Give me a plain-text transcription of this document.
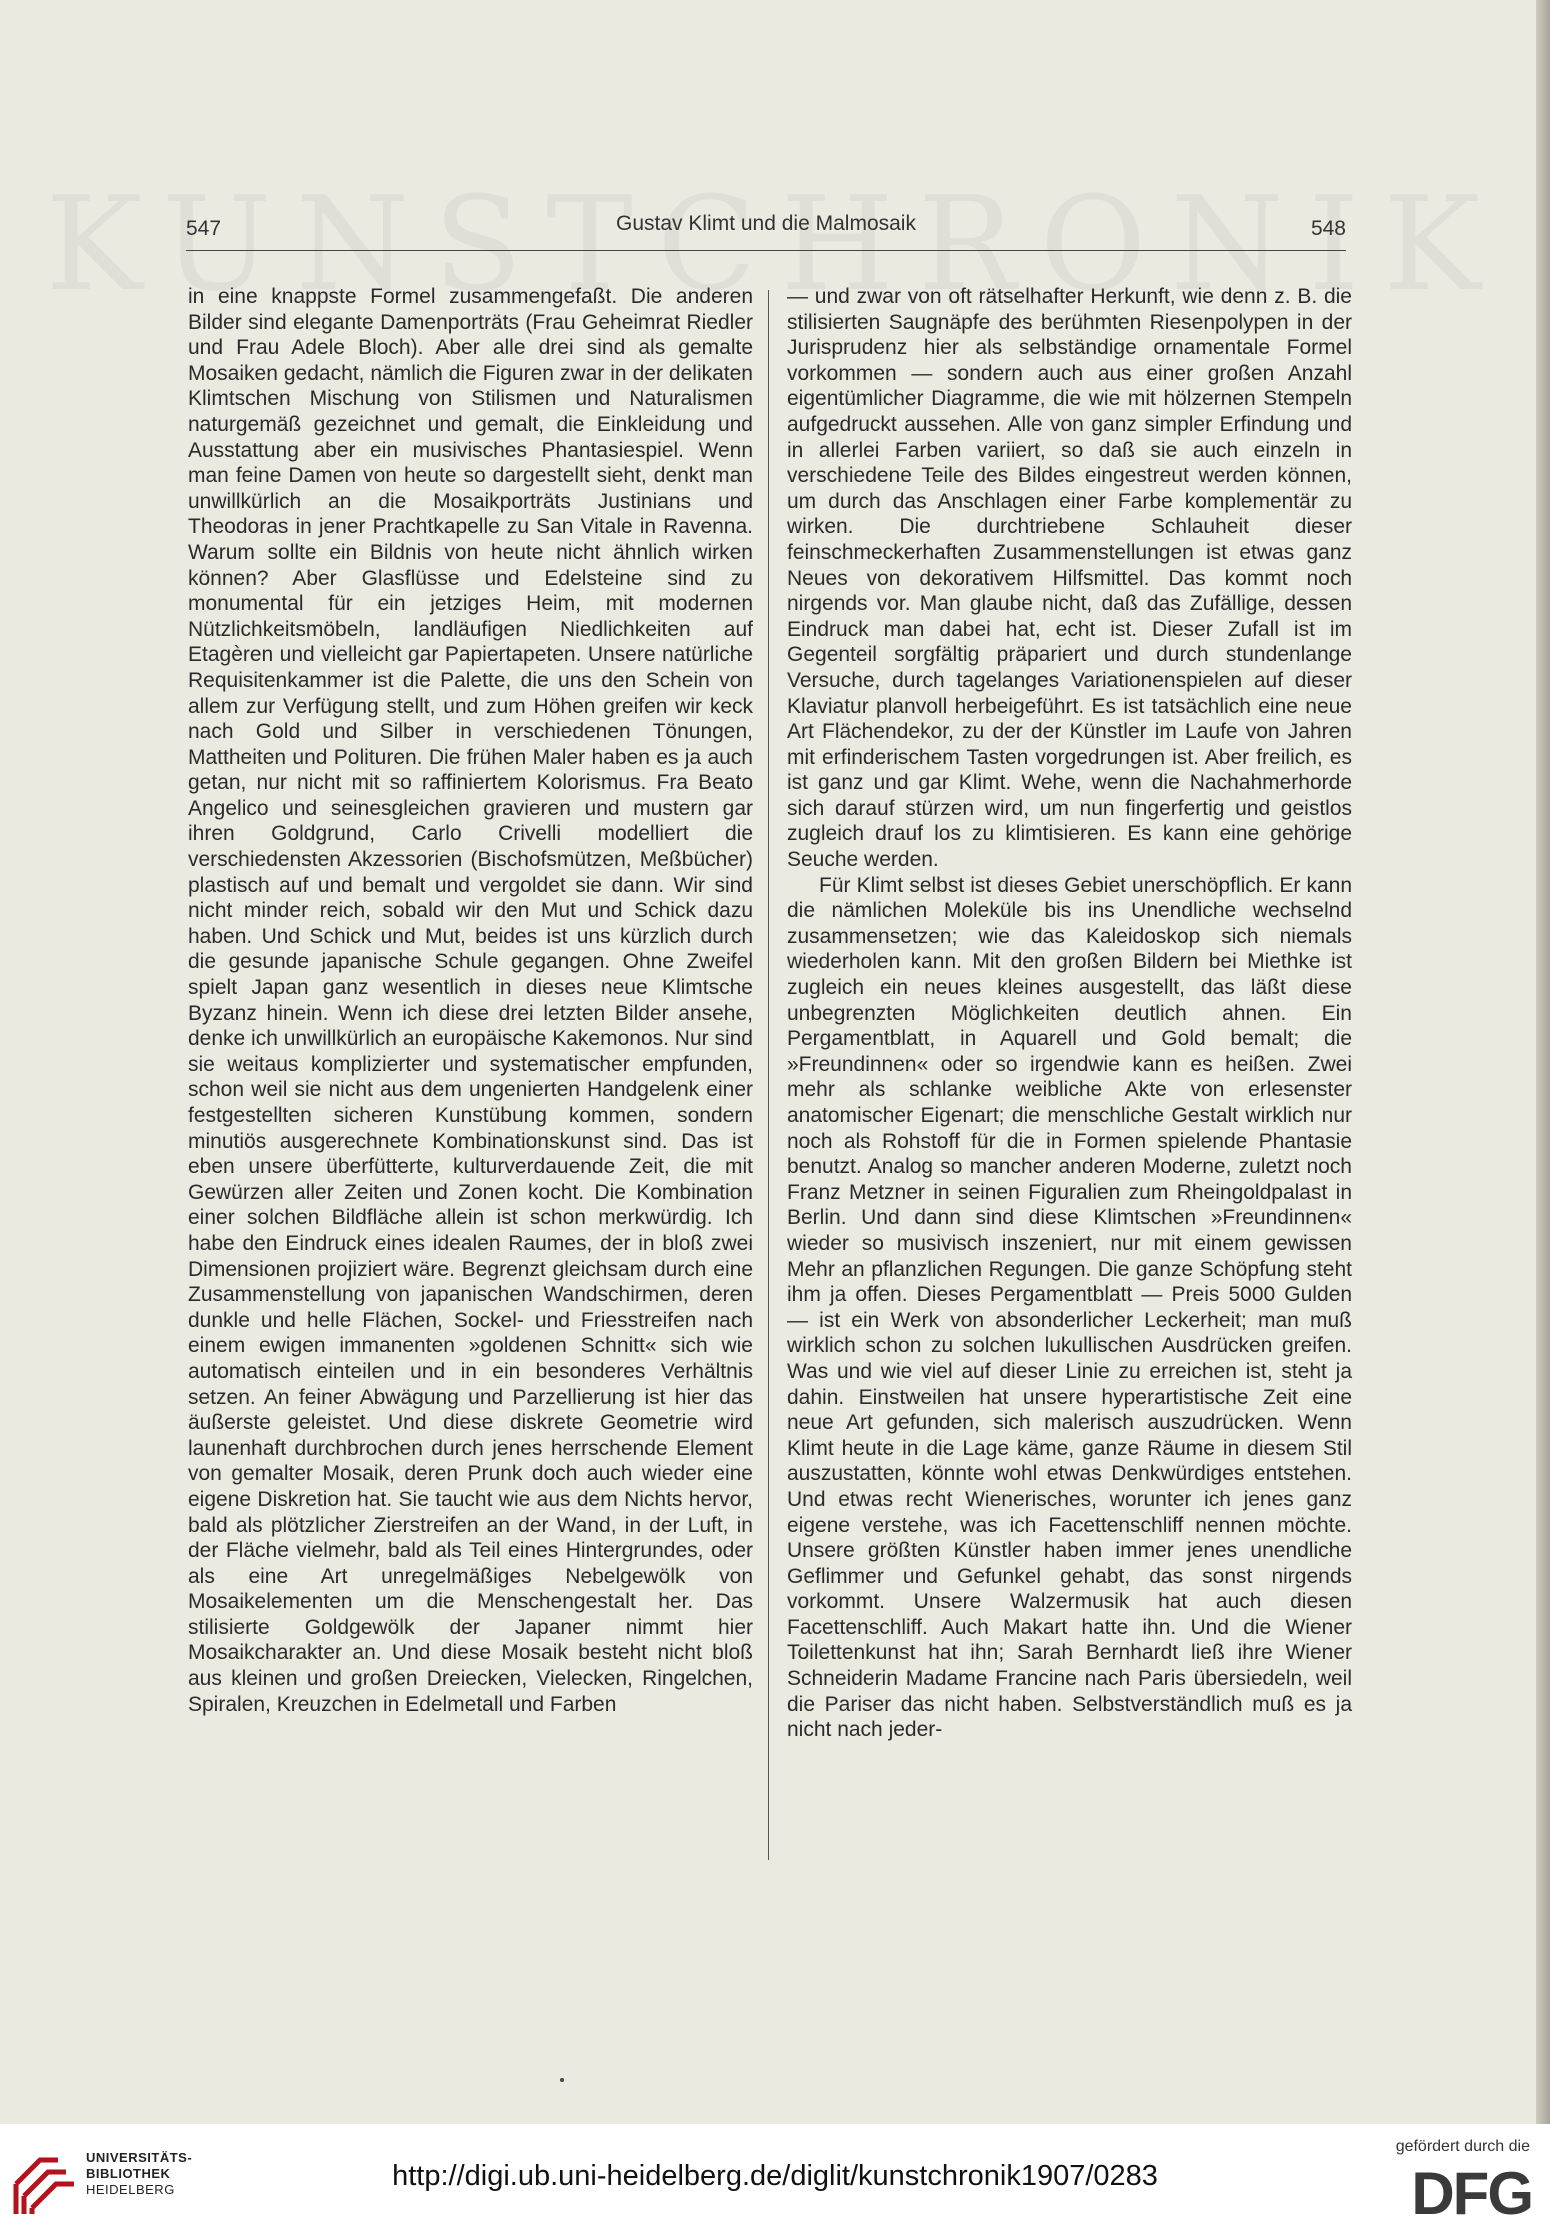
547	Gustav Klimt und die Malmosaik	548

in eine knappste Formel zusammengefaßt. Die anderen Bilder sind elegante Damenporträts (Frau Geheimrat Riedler und Frau Adele Bloch). Aber alle drei sind als gemalte Mosaiken gedacht, nämlich die Figuren zwar in der delikaten Klimtschen Mischung von Stilismen und Naturalismen naturgemäß gezeichnet und gemalt, die Einkleidung und Ausstattung aber ein musivisches Phantasiespiel. Wenn man feine Damen von heute so dargestellt sieht, denkt man unwillkürlich an die Mosaikporträts Justinians und Theodoras in jener Prachtkapelle zu San Vitale in Ravenna. Warum sollte ein Bildnis von heute nicht ähnlich wirken können? Aber Glasflüsse und Edelsteine sind zu monumental für ein jetziges Heim, mit modernen Nützlichkeitsmöbeln, landläufigen Niedlichkeiten auf Etagèren und vielleicht gar Papiertapeten. Unsere natürliche Requisitenkammer ist die Palette, die uns den Schein von allem zur Verfügung stellt, und zum Höhen greifen wir keck nach Gold und Silber in verschiedenen Tönungen, Mattheiten und Polituren. Die frühen Maler haben es ja auch getan, nur nicht mit so raffiniertem Kolorismus. Fra Beato Angelico und seinesgleichen gravieren und mustern gar ihren Goldgrund, Carlo Crivelli modelliert die verschiedensten Akzessorien (Bischofsmützen, Meßbücher) plastisch auf und bemalt und vergoldet sie dann. Wir sind nicht minder reich, sobald wir den Mut und Schick dazu haben. Und Schick und Mut, beides ist uns kürzlich durch die gesunde japanische Schule gegangen. Ohne Zweifel spielt Japan ganz wesentlich in dieses neue Klimtsche Byzanz hinein. Wenn ich diese drei letzten Bilder ansehe, denke ich unwillkürlich an europäische Kakemonos. Nur sind sie weitaus komplizierter und systematischer empfunden, schon weil sie nicht aus dem ungenierten Handgelenk einer festgestellten sicheren Kunstübung kommen, sondern minutiös ausgerechnete Kombinationskunst sind. Das ist eben unsere überfütterte, kulturverdauende Zeit, die mit Gewürzen aller Zeiten und Zonen kocht. Die Kombination einer solchen Bildfläche allein ist schon merkwürdig. Ich habe den Eindruck eines idealen Raumes, der in bloß zwei Dimensionen projiziert wäre. Begrenzt gleichsam durch eine Zusammenstellung von japanischen Wandschirmen, deren dunkle und helle Flächen, Sockel- und Friesstreifen nach einem ewigen immanenten »goldenen Schnitt« sich wie automatisch einteilen und in ein besonderes Verhältnis setzen. An feiner Abwägung und Parzellierung ist hier das äußerste geleistet. Und diese diskrete Geometrie wird launenhaft durchbrochen durch jenes herrschende Element von gemalter Mosaik, deren Prunk doch auch wieder eine eigene Diskretion hat. Sie taucht wie aus dem Nichts hervor, bald als plötzlicher Zierstreifen an der Wand, in der Luft, in der Fläche vielmehr, bald als Teil eines Hintergrundes, oder als eine Art unregelmäßiges Nebelgewölk von Mosaikelementen um die Menschengestalt her. Das stilisierte Goldgewölk der Japaner nimmt hier Mosaikcharakter an. Und diese Mosaik besteht nicht bloß aus kleinen und großen Dreiecken, Vielecken, Ringelchen, Spiralen, Kreuzchen in Edelmetall und Farben

— und zwar von oft rätselhafter Herkunft, wie denn z. B. die stilisierten Saugnäpfe des berühmten Riesenpolypen in der Jurisprudenz hier als selbständige ornamentale Formel vorkommen — sondern auch aus einer großen Anzahl eigentümlicher Diagramme, die wie mit hölzernen Stempeln aufgedruckt aussehen. Alle von ganz simpler Erfindung und in allerlei Farben variiert, so daß sie auch einzeln in verschiedene Teile des Bildes eingestreut werden können, um durch das Anschlagen einer Farbe komplementär zu wirken. Die durchtriebene Schlauheit dieser feinschmeckerhaften Zusammenstellungen ist etwas ganz Neues von dekorativem Hilfsmittel. Das kommt noch nirgends vor. Man glaube nicht, daß das Zufällige, dessen Eindruck man dabei hat, echt ist. Dieser Zufall ist im Gegenteil sorgfältig präpariert und durch stundenlange Versuche, durch tagelanges Variationenspielen auf dieser Klaviatur planvoll herbeigeführt. Es ist tatsächlich eine neue Art Flächendekor, zu der der Künstler im Laufe von Jahren mit erfinderischem Tasten vorgedrungen ist. Aber freilich, es ist ganz und gar Klimt. Wehe, wenn die Nachahmerhorde sich darauf stürzen wird, um nun fingerfertig und geistlos zugleich drauf los zu klimtisieren. Es kann eine gehörige Seuche werden.

Für Klimt selbst ist dieses Gebiet unerschöpflich. Er kann die nämlichen Moleküle bis ins Unendliche wechselnd zusammensetzen; wie das Kaleidoskop sich niemals wiederholen kann. Mit den großen Bildern bei Miethke ist zugleich ein neues kleines ausgestellt, das läßt diese unbegrenzten Möglichkeiten deutlich ahnen. Ein Pergamentblatt, in Aquarell und Gold bemalt; die »Freundinnen« oder so irgendwie kann es heißen. Zwei mehr als schlanke weibliche Akte von erlesenster anatomischer Eigenart; die menschliche Gestalt wirklich nur noch als Rohstoff für die in Formen spielende Phantasie benutzt. Analog so mancher anderen Moderne, zuletzt noch Franz Metzner in seinen Figuralien zum Rheingoldpalast in Berlin. Und dann sind diese Klimtschen »Freundinnen« wieder so musivisch inszeniert, nur mit einem gewissen Mehr an pflanzlichen Regungen. Die ganze Schöpfung steht ihm ja offen. Dieses Pergamentblatt — Preis 5000 Gulden — ist ein Werk von absonderlicher Leckerheit; man muß wirklich schon zu solchen lukullischen Ausdrücken greifen. Was und wie viel auf dieser Linie zu erreichen ist, steht ja dahin. Einstweilen hat unsere hyperartistische Zeit eine neue Art gefunden, sich malerisch auszudrücken. Wenn Klimt heute in die Lage käme, ganze Räume in diesem Stil auszustatten, könnte wohl etwas Denkwürdiges entstehen. Und etwas recht Wienerisches, worunter ich jenes ganz eigene verstehe, was ich Facettenschliff nennen möchte. Unsere größten Künstler haben immer jenes unendliche Geflimmer und Gefunkel gehabt, das sonst nirgends vorkommt. Unsere Walzermusik hat auch diesen Facettenschliff. Auch Makart hatte ihn. Und die Wiener Toilettenkunst hat ihn; Sarah Bernhardt ließ ihre Wiener Schneiderin Madame Francine nach Paris übersiedeln, weil die Pariser das nicht haben. Selbstverständlich muß es ja nicht nach jeder-

UNIVERSITÄTS-
BIBLIOTHEK
HEIDELBERG	http://digi.ub.uni-heidelberg.de/diglit/kunstchronik1907/0283
gefördert durch die
DFG
